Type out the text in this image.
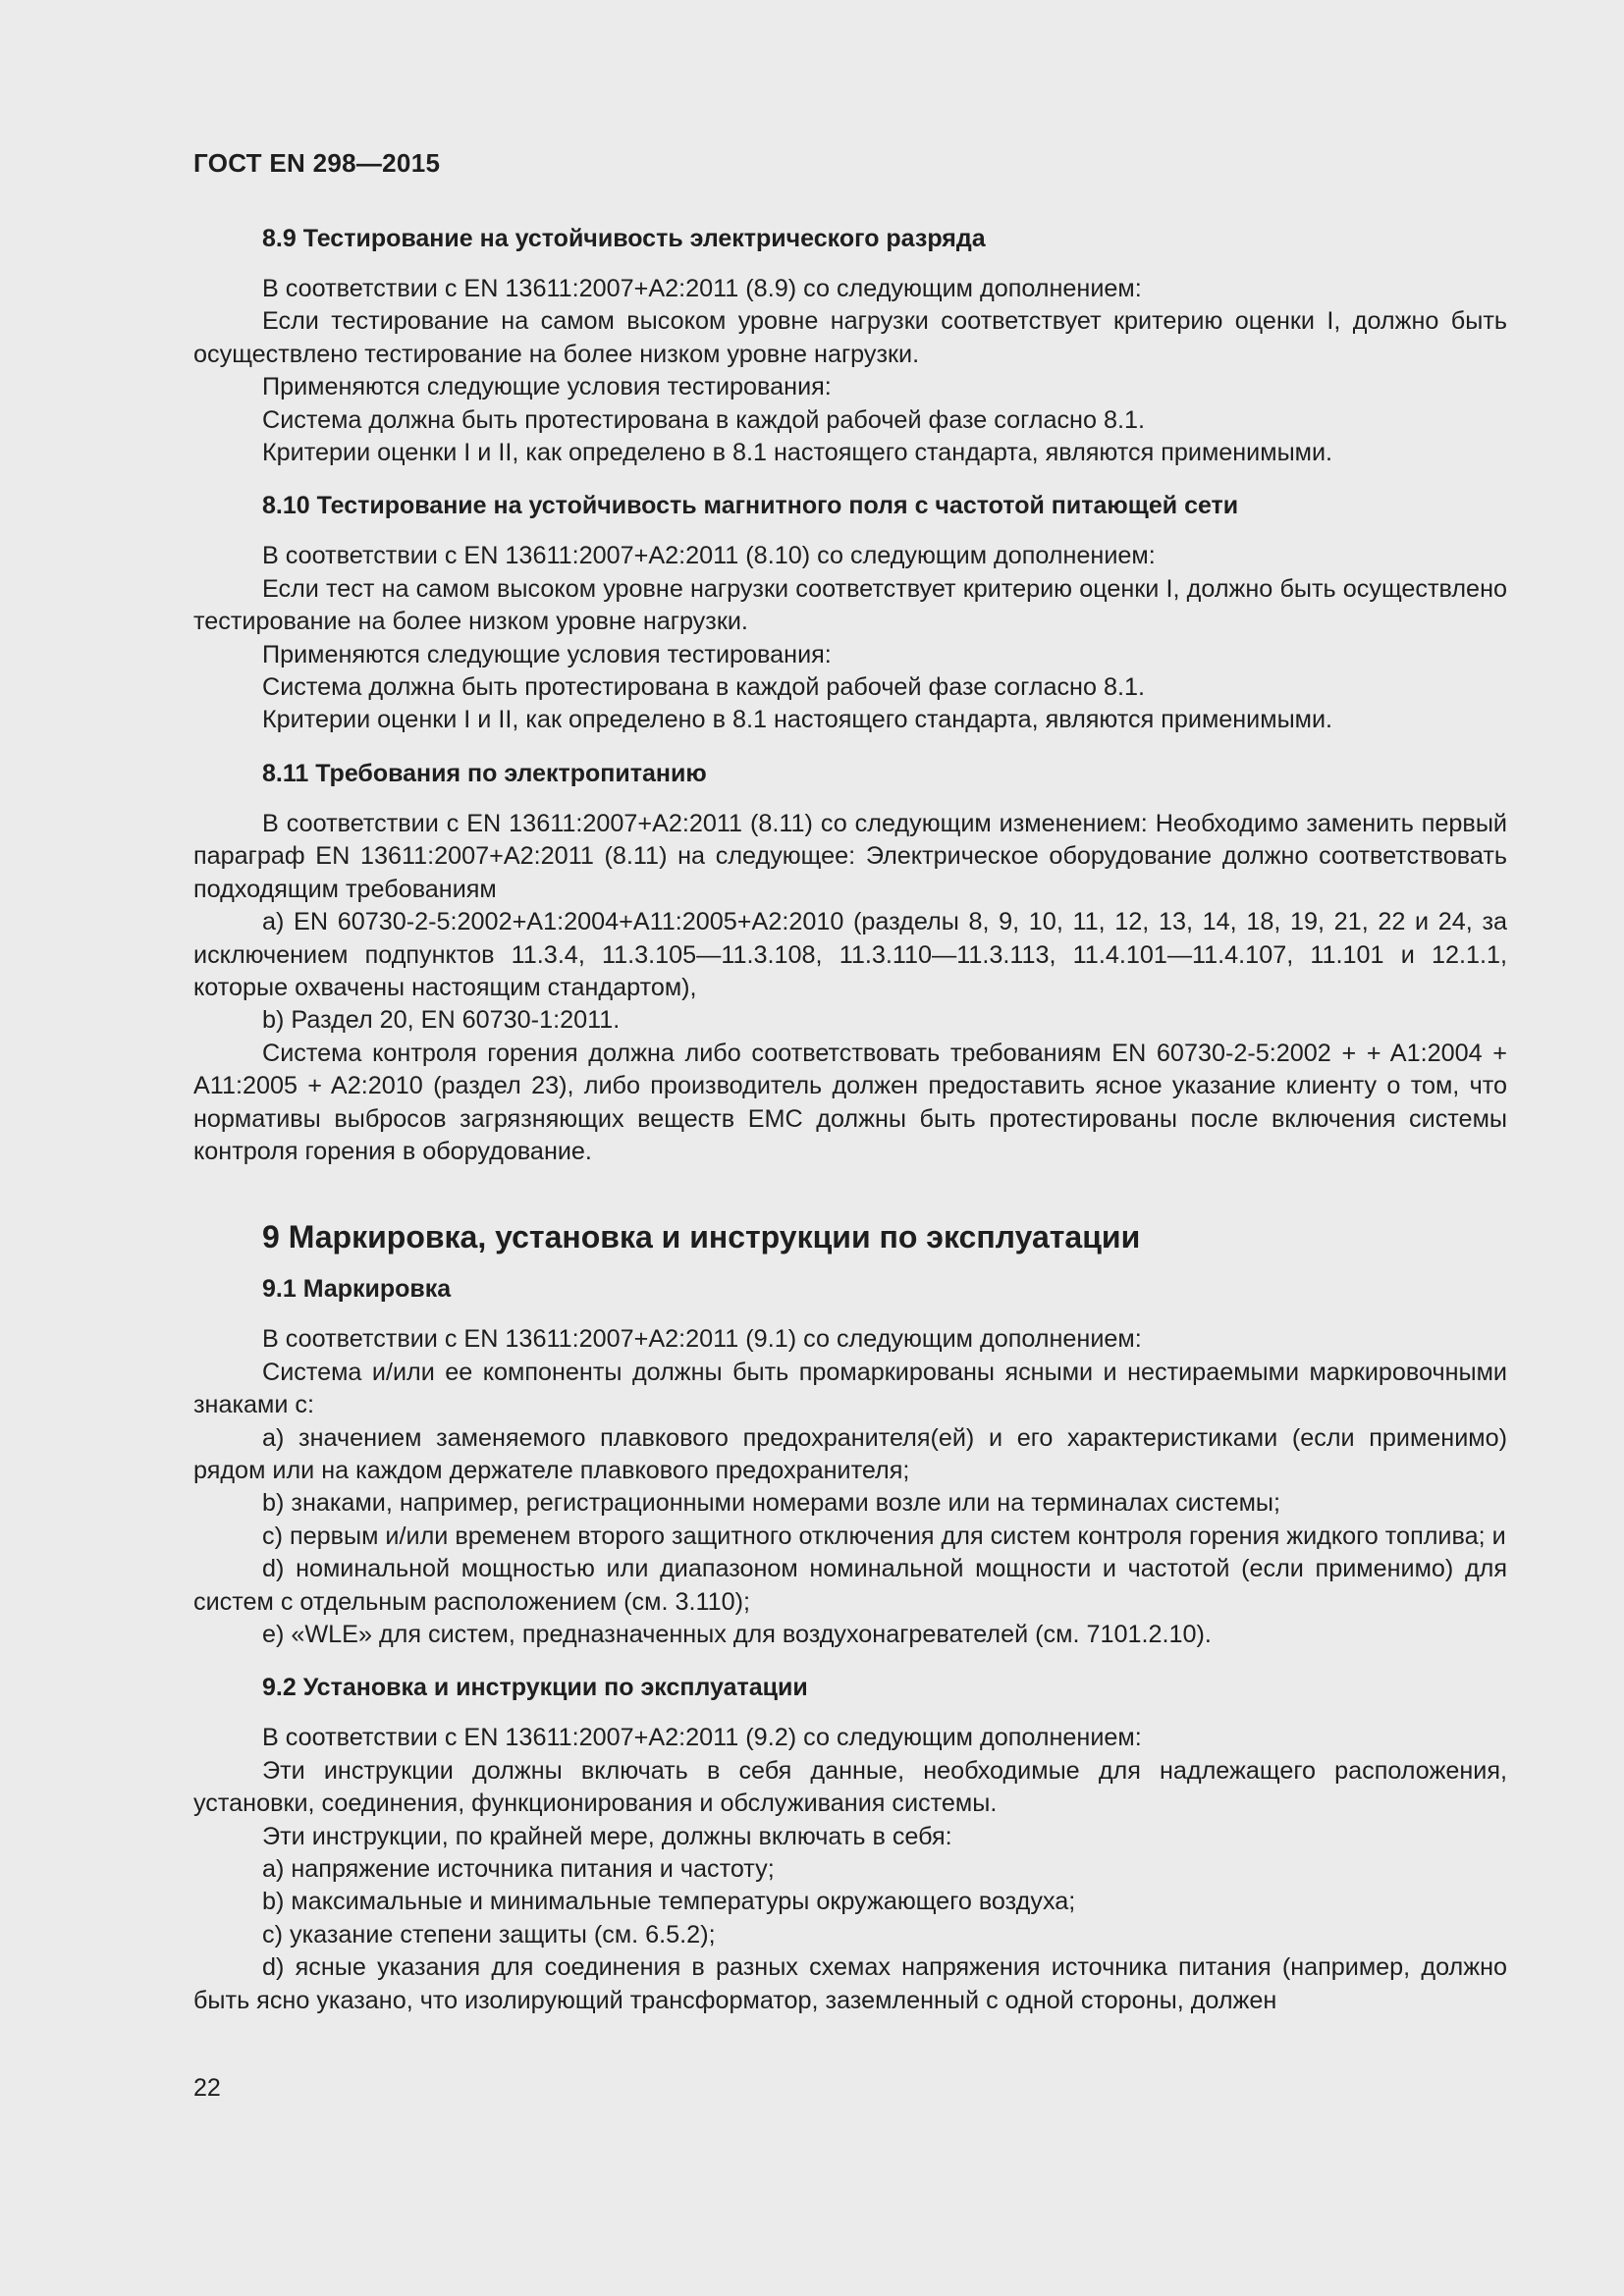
ГОСТ EN 298—2015
8.9 Тестирование на устойчивость электрического разряда

В соответствии с EN 13611:2007+A2:2011 (8.9) со следующим дополнением:

Если тестирование на самом высоком уровне нагрузки соответствует критерию оценки I, должно быть осуществлено тестирование на более низком уровне нагрузки.

Применяются следующие условия тестирования:

Система должна быть протестирована в каждой рабочей фазе согласно 8.1.

Критерии оценки I и II, как определено в 8.1 настоящего стандарта, являются применимыми.

8.10 Тестирование на устойчивость магнитного поля с частотой питающей сети

В соответствии с EN 13611:2007+A2:2011 (8.10) со следующим дополнением:

Если тест на самом высоком уровне нагрузки соответствует критерию оценки I, должно быть осуществлено тестирование на более низком уровне нагрузки.

Применяются следующие условия тестирования:

Система должна быть протестирована в каждой рабочей фазе согласно 8.1.

Критерии оценки I и II, как определено в 8.1 настоящего стандарта, являются применимыми.

8.11 Требования по электропитанию

В соответствии с EN 13611:2007+A2:2011 (8.11) со следующим изменением: Необходимо заменить первый параграф EN 13611:2007+A2:2011 (8.11) на следующее: Электрическое оборудование должно соответствовать подходящим требованиям

a) EN 60730-2-5:2002+A1:2004+A11:2005+A2:2010 (разделы 8, 9, 10, 11, 12, 13, 14, 18, 19, 21, 22 и 24, за исключением подпунктов 11.3.4, 11.3.105—11.3.108, 11.3.110—11.3.113, 11.4.101—11.4.107, 11.101 и 12.1.1, которые охвачены настоящим стандартом),

b) Раздел 20, EN 60730-1:2011.

Система контроля горения должна либо соответствовать требованиям EN 60730-2-5:2002 + + A1:2004 + A11:2005 + A2:2010 (раздел 23), либо производитель должен предоставить ясное указание клиенту о том, что нормативы выбросов загрязняющих веществ EMC должны быть протестированы после включения системы контроля горения в оборудование.

9 Маркировка, установка и инструкции по эксплуатации
9.1 Маркировка

В соответствии с EN 13611:2007+A2:2011 (9.1) со следующим дополнением:

Система и/или ее компоненты должны быть промаркированы ясными и нестираемыми маркировочными знаками с:

a) значением заменяемого плавкового предохранителя(ей) и его характеристиками (если применимо) рядом или на каждом держателе плавкового предохранителя;

b) знаками, например, регистрационными номерами возле или на терминалах системы;

c) первым и/или временем второго защитного отключения для систем контроля горения жидкого топлива; и

d) номинальной мощностью или диапазоном номинальной мощности и частотой (если применимо) для систем с отдельным расположением (см. 3.110);

e) «WLE» для систем, предназначенных для воздухонагревателей (см. 7101.2.10).

9.2 Установка и инструкции по эксплуатации

В соответствии с EN 13611:2007+A2:2011 (9.2) со следующим дополнением:

Эти инструкции должны включать в себя данные, необходимые для надлежащего расположения, установки, соединения, функционирования и обслуживания системы.

Эти инструкции, по крайней мере, должны включать в себя:

a) напряжение источника питания и частоту;

b) максимальные и минимальные температуры окружающего воздуха;

c) указание степени защиты (см. 6.5.2);

d) ясные указания для соединения в разных схемах напряжения источника питания (например, должно быть ясно указано, что изолирующий трансформатор, заземленный с одной стороны, должен

22
